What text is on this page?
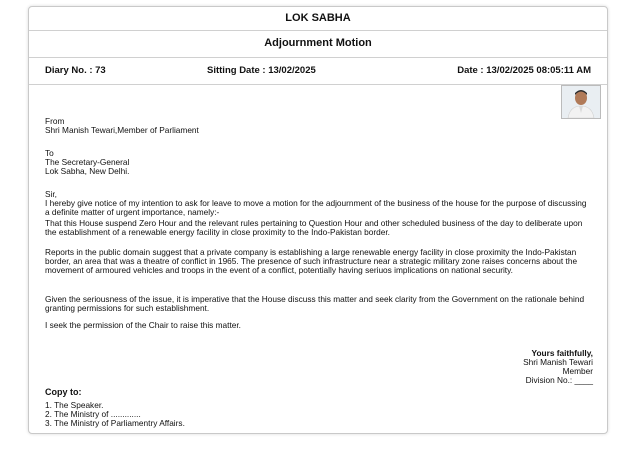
LOK SABHA
Adjournment Motion
Diary No. : 73	Sitting Date : 13/02/2025	Date : 13/02/2025 08:05:11 AM
From
Shri Manish Tewari,Member of Parliament
To
The Secretary-General
Lok Sabha, New Delhi.
Sir,
I hereby give notice of my intention to ask for leave to move a motion for the adjournment of the business of the house for the purpose of discussing a definite matter of urgent importance, namely:-
That this House suspend Zero Hour and the relevant rules pertaining to Question Hour and other scheduled business of the day to deliberate upon the establishment of a renewable energy facility in close proximity to the Indo-Pakistan border.
Reports in the public domain suggest that a private company is establishing a large renewable energy facility in close proximity the Indo-Pakistan border, an area that was a theatre of conflict in 1965. The presence of such infrastructure near a strategic military zone raises concerns about the movement of armoured vehicles and troops in the event of a conflict, potentially having seriuos implications on national security.
Given the seriousness of the issue, it is imperative that the House discuss this matter and seek clarity from the Government on the rationale behind granting permissions for such establishment.
I seek the permission of the Chair to raise this matter.
Yours faithfully,
Shri Manish Tewari
Member
Division No.: ____
Copy to:
1. The Speaker.
2. The Ministry of .............
3. The Ministry of Parliamentry Affairs.
